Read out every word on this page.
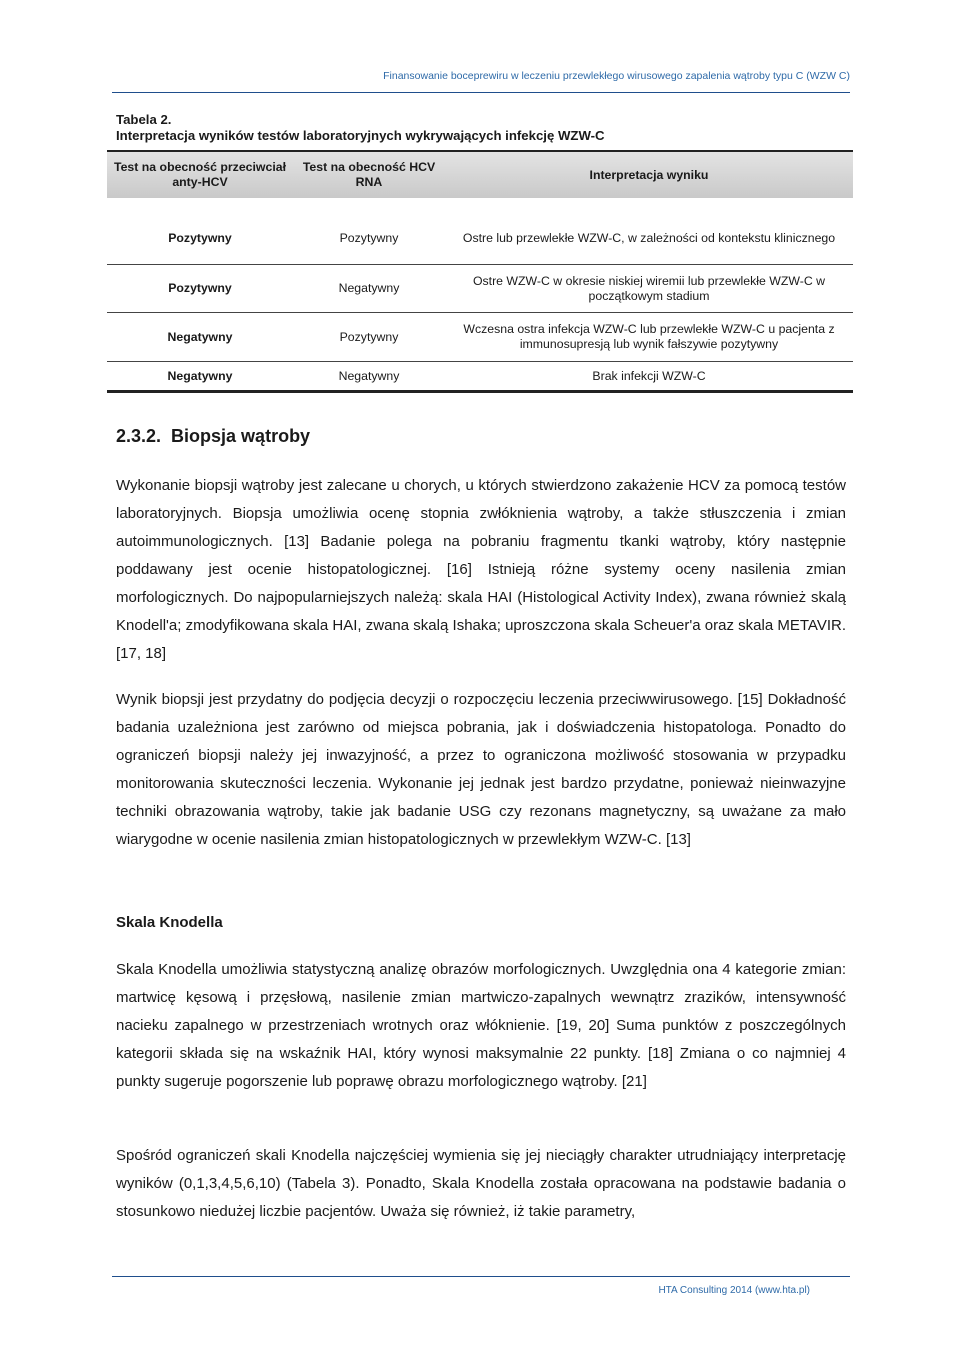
Finansowanie boceprewiru w leczeniu przewlekłego wirusowego zapalenia wątroby typu C (WZW C)
Tabela 2.
Interpretacja wyników testów laboratoryjnych wykrywających infekcję WZW-C
Test na obecność przeciwciał anty-HCV	Test na obecność HCV RNA	Interpretacja wyniku
Pozytywny	Pozytywny	Ostre lub przewlekłe WZW-C, w zależności od kontekstu klinicznego
Pozytywny	Negatywny	Ostre WZW-C w okresie niskiej wiremii lub przewlekłe WZW-C w początkowym stadium
Negatywny	Pozytywny	Wczesna ostra infekcja WZW-C lub przewlekłe WZW-C u pacjenta z immunosupresją lub wynik fałszywie pozytywny
Negatywny	Negatywny	Brak infekcji WZW-C
2.3.2. Biopsja wątroby

Wykonanie biopsji wątroby jest zalecane u chorych, u których stwierdzono zakażenie HCV za pomocą testów laboratoryjnych. Biopsja umożliwia ocenę stopnia zwłóknienia wątroby, a także stłuszczenia i zmian autoimmunologicznych. [13] Badanie polega na pobraniu fragmentu tkanki wątroby, który następnie poddawany jest ocenie histopatologicznej. [16] Istnieją różne systemy oceny nasilenia zmian morfologicznych. Do najpopularniejszych należą: skala HAI (Histological Activity Index), zwana również skalą Knodell'a; zmodyfikowana skala HAI, zwana skalą Ishaka; uproszczona skala Scheuer'a oraz skala METAVIR. [17, 18]

Wynik biopsji jest przydatny do podjęcia decyzji o rozpoczęciu leczenia przeciwwirusowego. [15] Dokładność badania uzależniona jest zarówno od miejsca pobrania, jak i doświadczenia histopatologa. Ponadto do ograniczeń biopsji należy jej inwazyjność, a przez to ograniczona możliwość stosowania w przypadku monitorowania skuteczności leczenia. Wykonanie jej jednak jest bardzo przydatne, ponieważ nieinwazyjne techniki obrazowania wątroby, takie jak badanie USG czy rezonans magnetyczny, są uważane za mało wiarygodne w ocenie nasilenia zmian histopatologicznych w przewlekłym WZW-C. [13]

Skala Knodella

Skala Knodella umożliwia statystyczną analizę obrazów morfologicznych. Uwzględnia ona 4 kategorie zmian: martwicę kęsową i przęsłową, nasilenie zmian martwiczo-zapalnych wewnątrz zrazików, intensywność nacieku zapalnego w przestrzeniach wrotnych oraz włóknienie. [19, 20] Suma punktów z poszczególnych kategorii składa się na wskaźnik HAI, który wynosi maksymalnie 22 punkty. [18] Zmiana o co najmniej 4 punkty sugeruje pogorszenie lub poprawę obrazu morfologicznego wątroby. [21]

Spośród ograniczeń skali Knodella najczęściej wymienia się jej nieciągły charakter utrudniający interpretację wyników (0,1,3,4,5,6,10) (Tabela 3). Ponadto, Skala Knodella została opracowana na podstawie badania o stosunkowo niedużej liczbie pacjentów. Uważa się również, iż takie parametry,

HTA Consulting 2014 (www.hta.pl)
